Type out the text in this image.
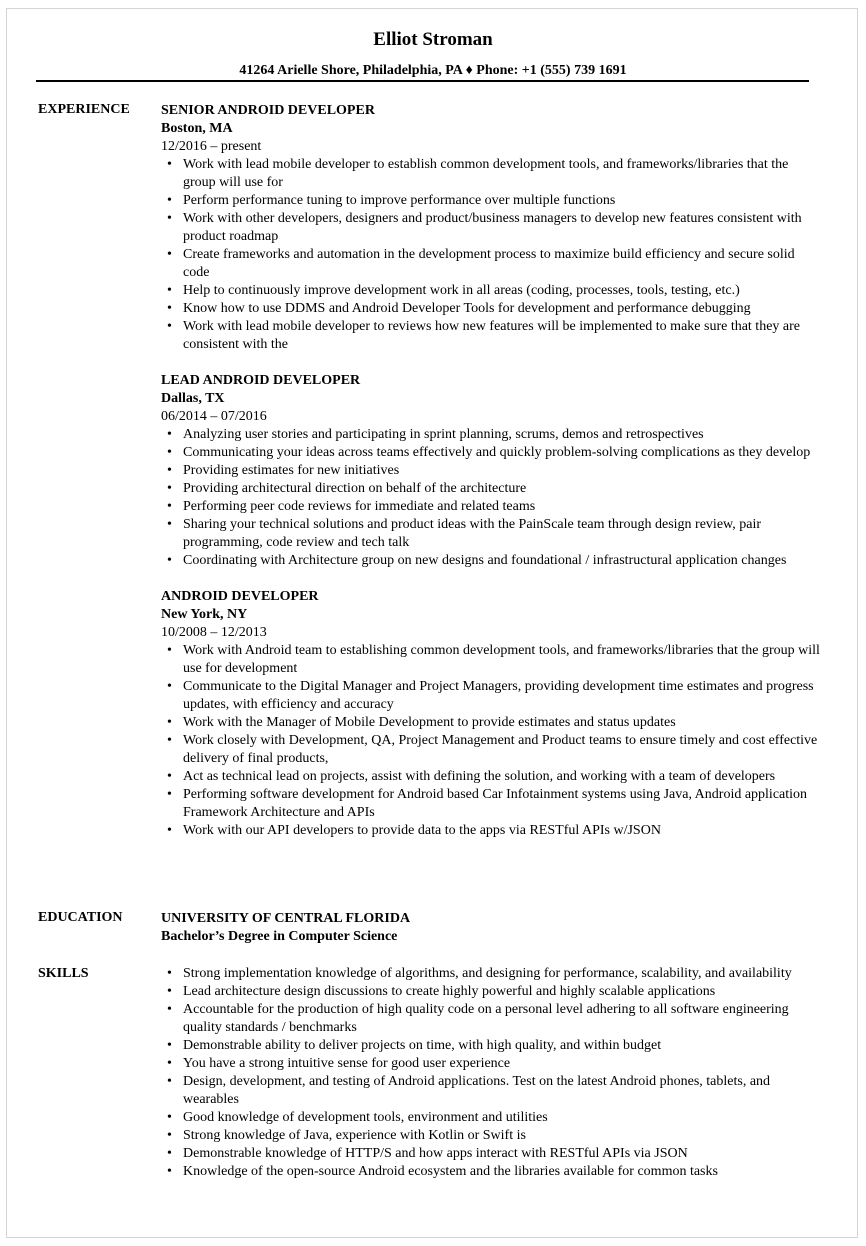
Elliot Stroman
41264 Arielle Shore, Philadelphia, PA ♦ Phone: +1 (555) 739 1691
EXPERIENCE SENIOR ANDROID DEVELOPER
Boston, MA
12/2016 – present
• Work with lead mobile developer to establish common development tools, and frameworks/libraries that the group will use for
• Perform performance tuning to improve performance over multiple functions
• Work with other developers, designers and product/business managers to develop new features consistent with product roadmap
• Create frameworks and automation in the development process to maximize build efficiency and secure solid code
• Help to continuously improve development work in all areas (coding, processes, tools, testing, etc.)
• Know how to use DDMS and Android Developer Tools for development and performance debugging
• Work with lead mobile developer to reviews how new features will be implemented to make sure that they are consistent with the
LEAD ANDROID DEVELOPER
Dallas, TX
06/2014 – 07/2016
• Analyzing user stories and participating in sprint planning, scrums, demos and retrospectives
• Communicating your ideas across teams effectively and quickly problem-solving complications as they develop
• Providing estimates for new initiatives
• Providing architectural direction on behalf of the architecture
• Performing peer code reviews for immediate and related teams
• Sharing your technical solutions and product ideas with the PainScale team through design review, pair programming, code review and tech talk
• Coordinating with Architecture group on new designs and foundational / infrastructural application changes
ANDROID DEVELOPER
New York, NY
10/2008 – 12/2013
• Work with Android team to establishing common development tools, and frameworks/libraries that the group will use for development
• Communicate to the Digital Manager and Project Managers, providing development time estimates and progress updates, with efficiency and accuracy
• Work with the Manager of Mobile Development to provide estimates and status updates
• Work closely with Development, QA, Project Management and Product teams to ensure timely and cost effective delivery of final products,
• Act as technical lead on projects, assist with defining the solution, and working with a team of developers
• Performing software development for Android based Car Infotainment systems using Java, Android application Framework Architecture and APIs
• Work with our API developers to provide data to the apps via RESTful APIs w/JSON
EDUCATION	UNIVERSITY OF CENTRAL FLORIDA
Bachelor’s Degree in Computer Science
SKILLS
•	Strong implementation knowledge of algorithms, and designing for performance, scalability, and availability
• Lead architecture design discussions to create highly powerful and highly scalable applications
• Accountable for the production of high quality code on a personal level adhering to all software engineering quality standards / benchmarks
• Demonstrable ability to deliver projects on time, with high quality, and within budget
• You have a strong intuitive sense for good user experience
• Design, development, and testing of Android applications. Test on the latest Android phones, tablets, and wearables
• Good knowledge of development tools, environment and utilities
• Strong knowledge of Java, experience with Kotlin or Swift is
• Demonstrable knowledge of HTTP/S and how apps interact with RESTful APIs via JSON
• Knowledge of the open-source Android ecosystem and the libraries available for common tasks
